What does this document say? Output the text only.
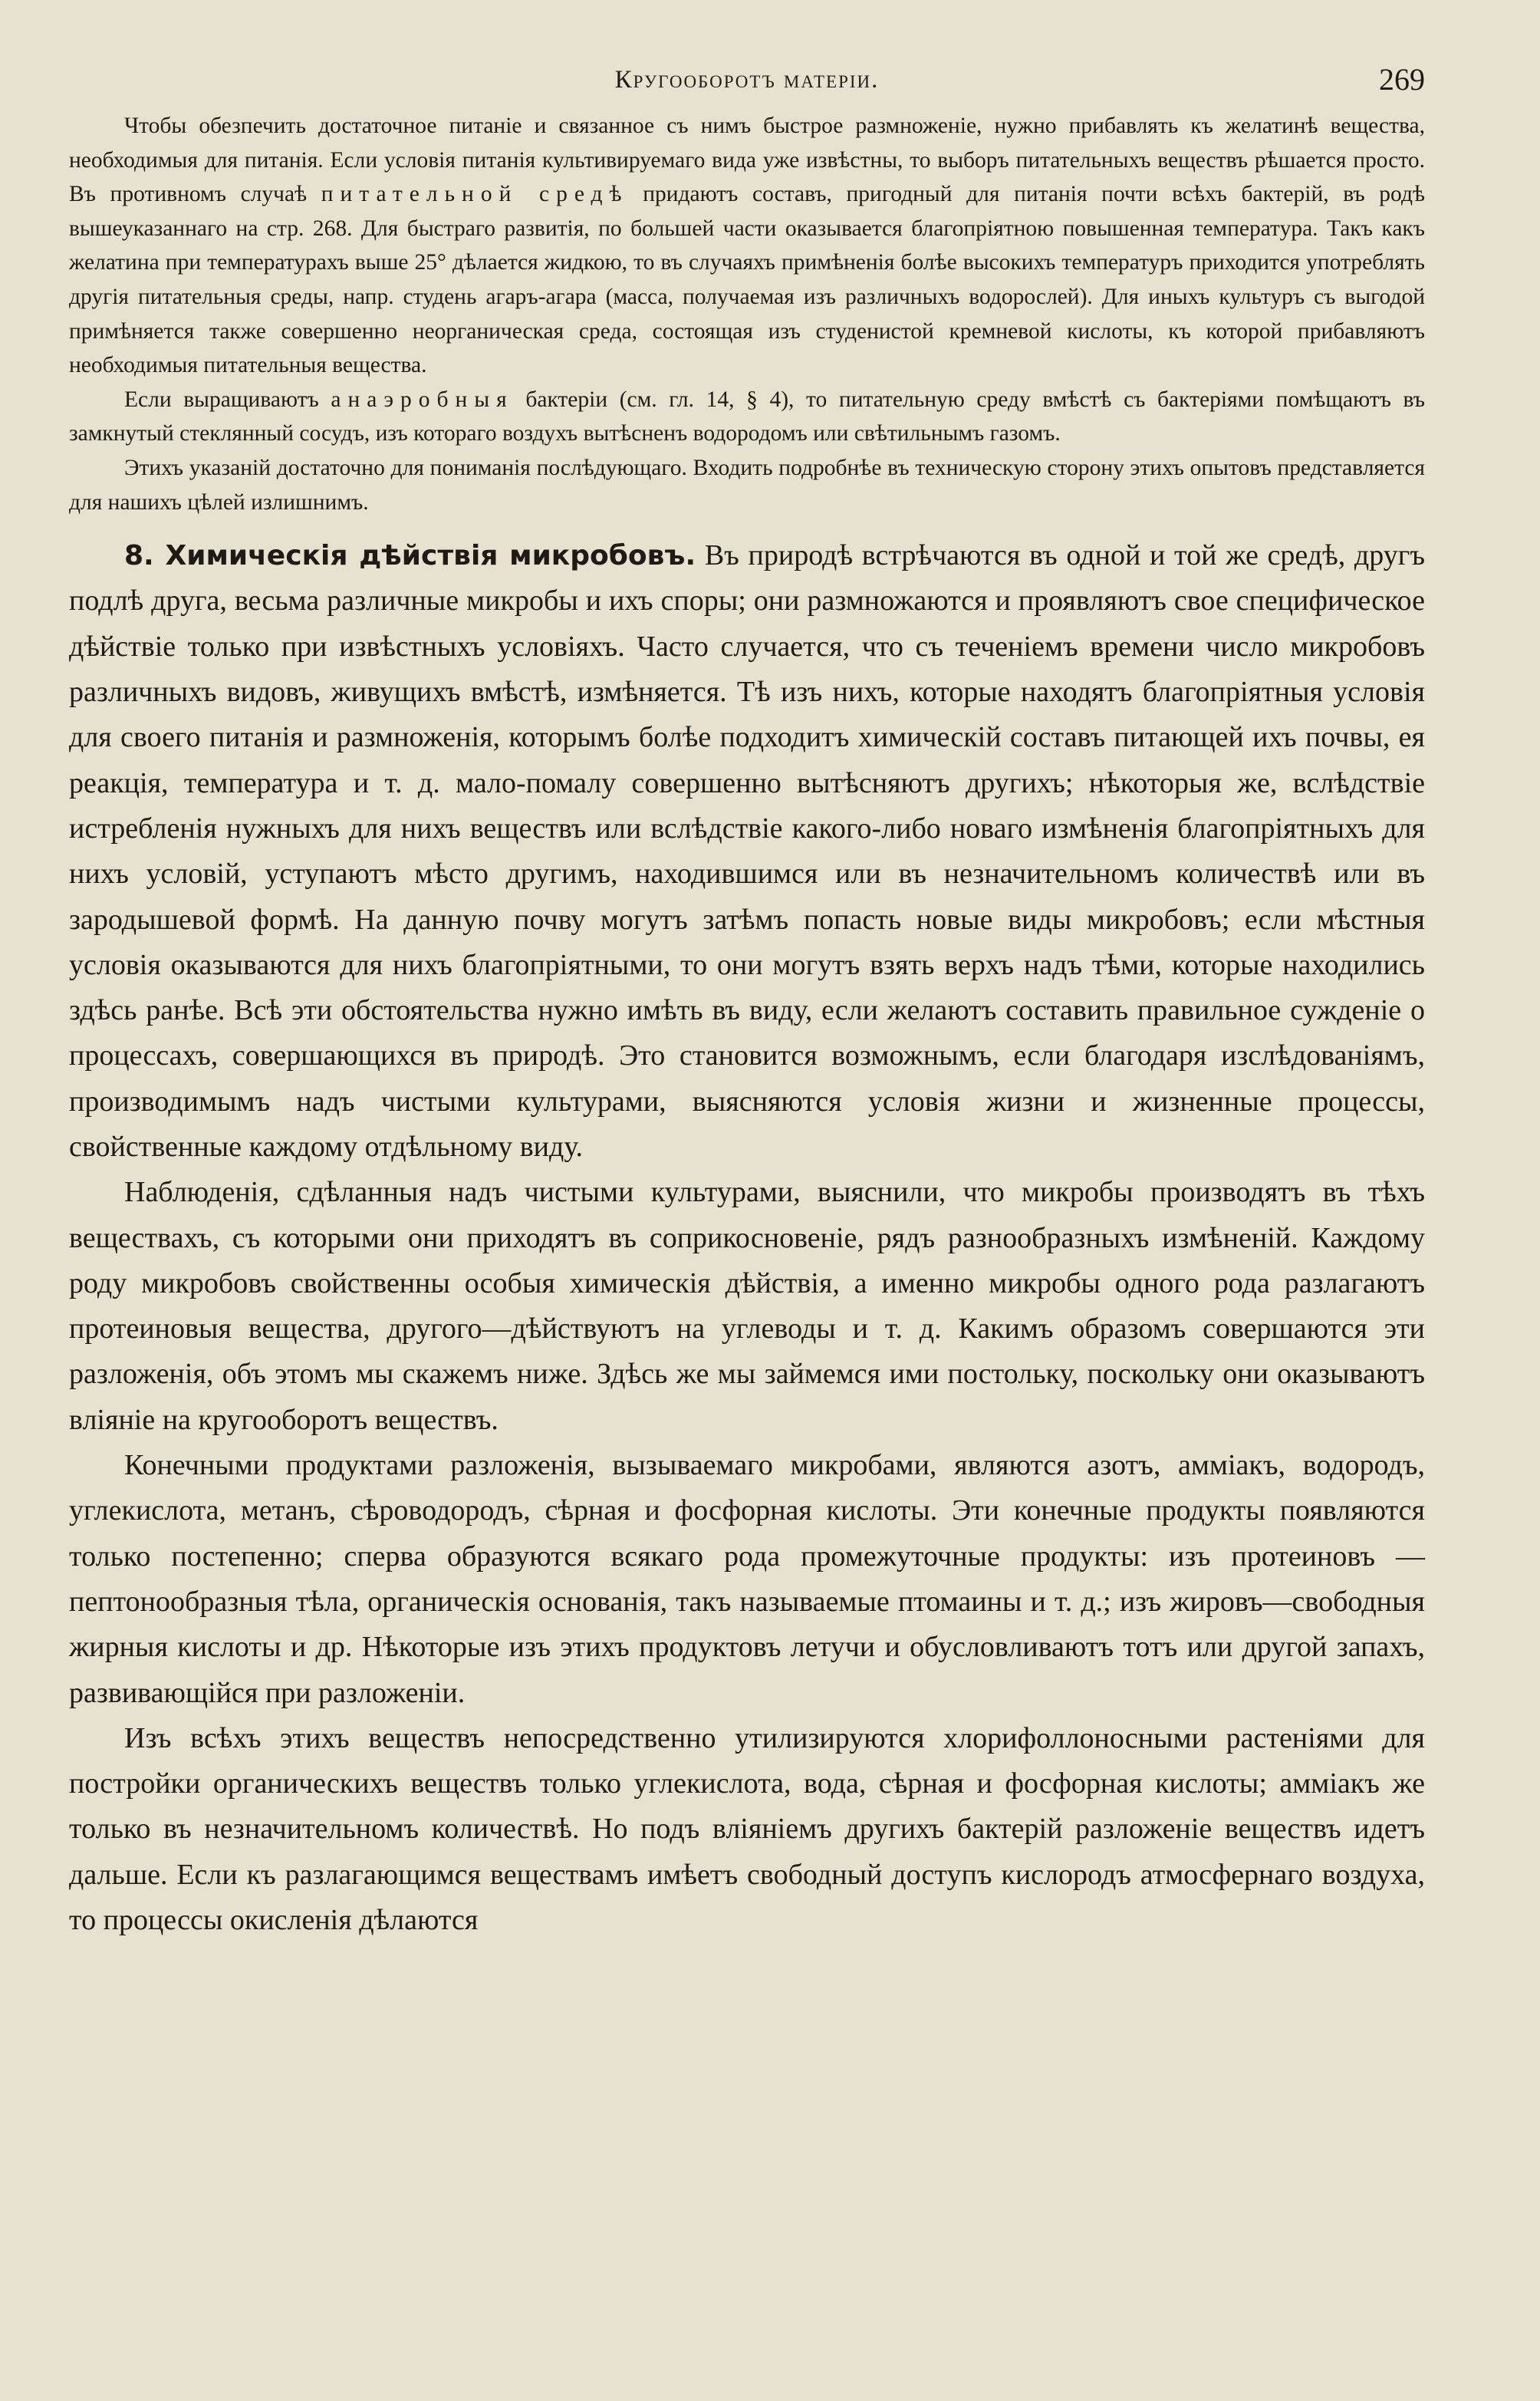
Кругооборотъ матеріи.	269

Чтобы обезпечить достаточное питаніе и связанное съ нимъ быстрое размноженіе, нужно прибавлять къ желатинѣ вещества, необходимыя для питанія. Если условія питанія культивируемаго вида уже извѣстны, то выборъ питательныхъ веществъ рѣшается просто. Въ противномъ случаѣ питательной средѣ придаютъ составъ, пригодный для питанія почти всѣхъ бактерій, въ родѣ вышеуказаннаго на стр. 268. Для быстраго развитія, по большей части оказывается благопріятною повышенная температура. Такъ какъ желатина при температурахъ выше 25° дѣлается жидкою, то въ случаяхъ примѣненія болѣе высокихъ температуръ приходится употреблять другія питательныя среды, напр. студень агаръ-агара (масса, получаемая изъ различныхъ водорослей). Для иныхъ культуръ съ выгодой примѣняется также совершенно неорганическая среда, состоящая изъ студенистой кремневой кислоты, къ которой прибавляютъ необходимыя питательныя вещества.

Если выращиваютъ анаэробныя бактеріи (см. гл. 14, § 4), то питательную среду вмѣстѣ съ бактеріями помѣщаютъ въ замкнутый стеклянный сосудъ, изъ котораго воздухъ вытѣсненъ водородомъ или свѣтильнымъ газомъ.

Этихъ указаній достаточно для пониманія послѣдующаго. Входить подробнѣе въ техническую сторону этихъ опытовъ представляется для нашихъ цѣлей излишнимъ.

8. Химическія дѣйствія микробовъ. Въ природѣ встрѣчаются въ одной и той же средѣ, другъ подлѣ друга, весьма различные микробы и ихъ споры; они размножаются и проявляютъ свое специфическое дѣйствіе только при извѣстныхъ условіяхъ. Часто случается, что съ теченіемъ времени число микробовъ различныхъ видовъ, живущихъ вмѣстѣ, измѣняется. Тѣ изъ нихъ, которые находятъ благопріятныя условія для своего питанія и размноженія, которымъ болѣе подходитъ химическій составъ питающей ихъ почвы, ея реакція, температура и т. д. мало-помалу совершенно вытѣсняютъ другихъ; нѣкоторыя же, вслѣдствіе истребленія нужныхъ для нихъ веществъ или вслѣдствіе какого-либо новаго измѣненія благопріятныхъ для нихъ условій, уступаютъ мѣсто другимъ, находившимся или въ незначительномъ количествѣ или въ зародышевой формѣ. На данную почву могутъ затѣмъ попасть новые виды микробовъ; если мѣстныя условія оказываются для нихъ благопріятными, то они могутъ взять верхъ надъ тѣми, которые находились здѣсь ранѣе. Всѣ эти обстоятельства нужно имѣть въ виду, если желаютъ составить правильное сужденіе о процессахъ, совершающихся въ природѣ. Это становится возможнымъ, если благодаря изслѣдованіямъ, производимымъ надъ чистыми культурами, выясняются условія жизни и жизненные процессы, свойственные каждому отдѣльному виду.

Наблюденія, сдѣланныя надъ чистыми культурами, выяснили, что микробы производятъ въ тѣхъ веществахъ, съ которыми они приходятъ въ соприкосновеніе, рядъ разнообразныхъ измѣненій. Каждому роду микробовъ свойственны особыя химическія дѣйствія, а именно микробы одного рода разлагаютъ протеиновыя вещества, другого—дѣйствуютъ на углеводы и т. д. Какимъ образомъ совершаются эти разложенія, объ этомъ мы скажемъ ниже. Здѣсь же мы займемся ими постольку, поскольку они оказываютъ вліяніе на кругооборотъ веществъ.

Конечными продуктами разложенія, вызываемаго микробами, являются азотъ, амміакъ, водородъ, углекислота, метанъ, сѣроводородъ, сѣрная и фосфорная кислоты. Эти конечные продукты появляются только постепенно; сперва образуются всякаго рода промежуточные продукты: изъ протеиновъ — пептонообразныя тѣла, органическія основанія, такъ называемые птомаины и т. д.; изъ жировъ—свободныя жирныя кислоты и др. Нѣкоторые изъ этихъ продуктовъ летучи и обусловливаютъ тотъ или другой запахъ, развивающійся при разложеніи.

Изъ всѣхъ этихъ веществъ непосредственно утилизируются хлорифоллоносными растеніями для постройки органическихъ веществъ только углекислота, вода, сѣрная и фосфорная кислоты; амміакъ же только въ незначительномъ количествѣ. Но подъ вліяніемъ другихъ бактерій разложеніе веществъ идетъ дальше. Если къ разлагающимся веществамъ имѣетъ свободный доступъ кислородъ атмосфернаго воздуха, то процессы окисленія дѣлаются
